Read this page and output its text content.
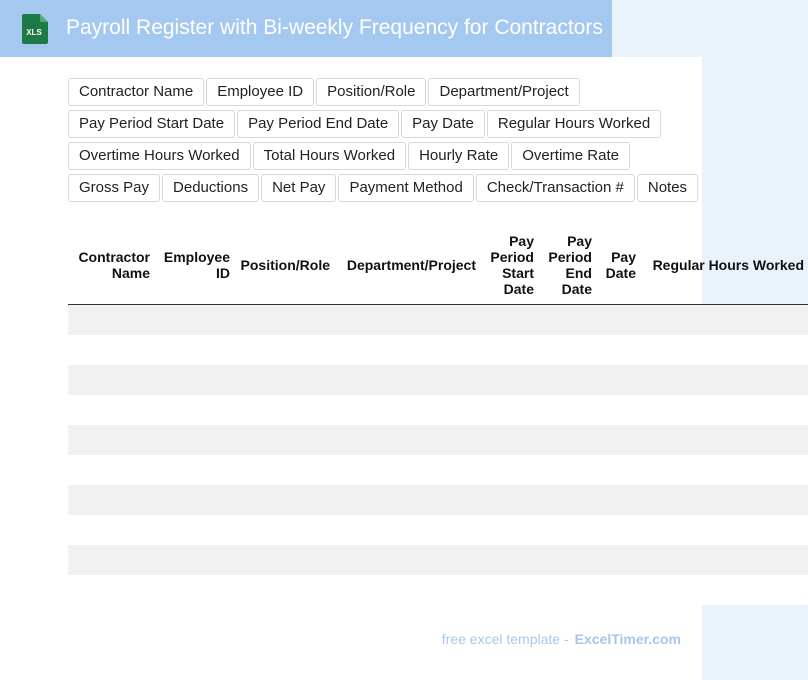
XLS Payroll Register with Bi-weekly Frequency for Contractors
Contractor Name	Employee ID	Position/Role	Department/Project
Pay Period Start Date	Pay Period End Date	Pay Date	Regular Hours Worked
Overtime Hours Worked	Total Hours Worked	Hourly Rate	Overtime Rate
Gross Pay	Deductions	Net Pay	Payment Method	Check/Transaction #	Notes
Contractor Name	Employee ID	Position/Role	Department/Project	Pay Period Start Date	Pay Period End Date	Pay Date	Regular Hours Worked

free excel template - ExcelTimer.com
